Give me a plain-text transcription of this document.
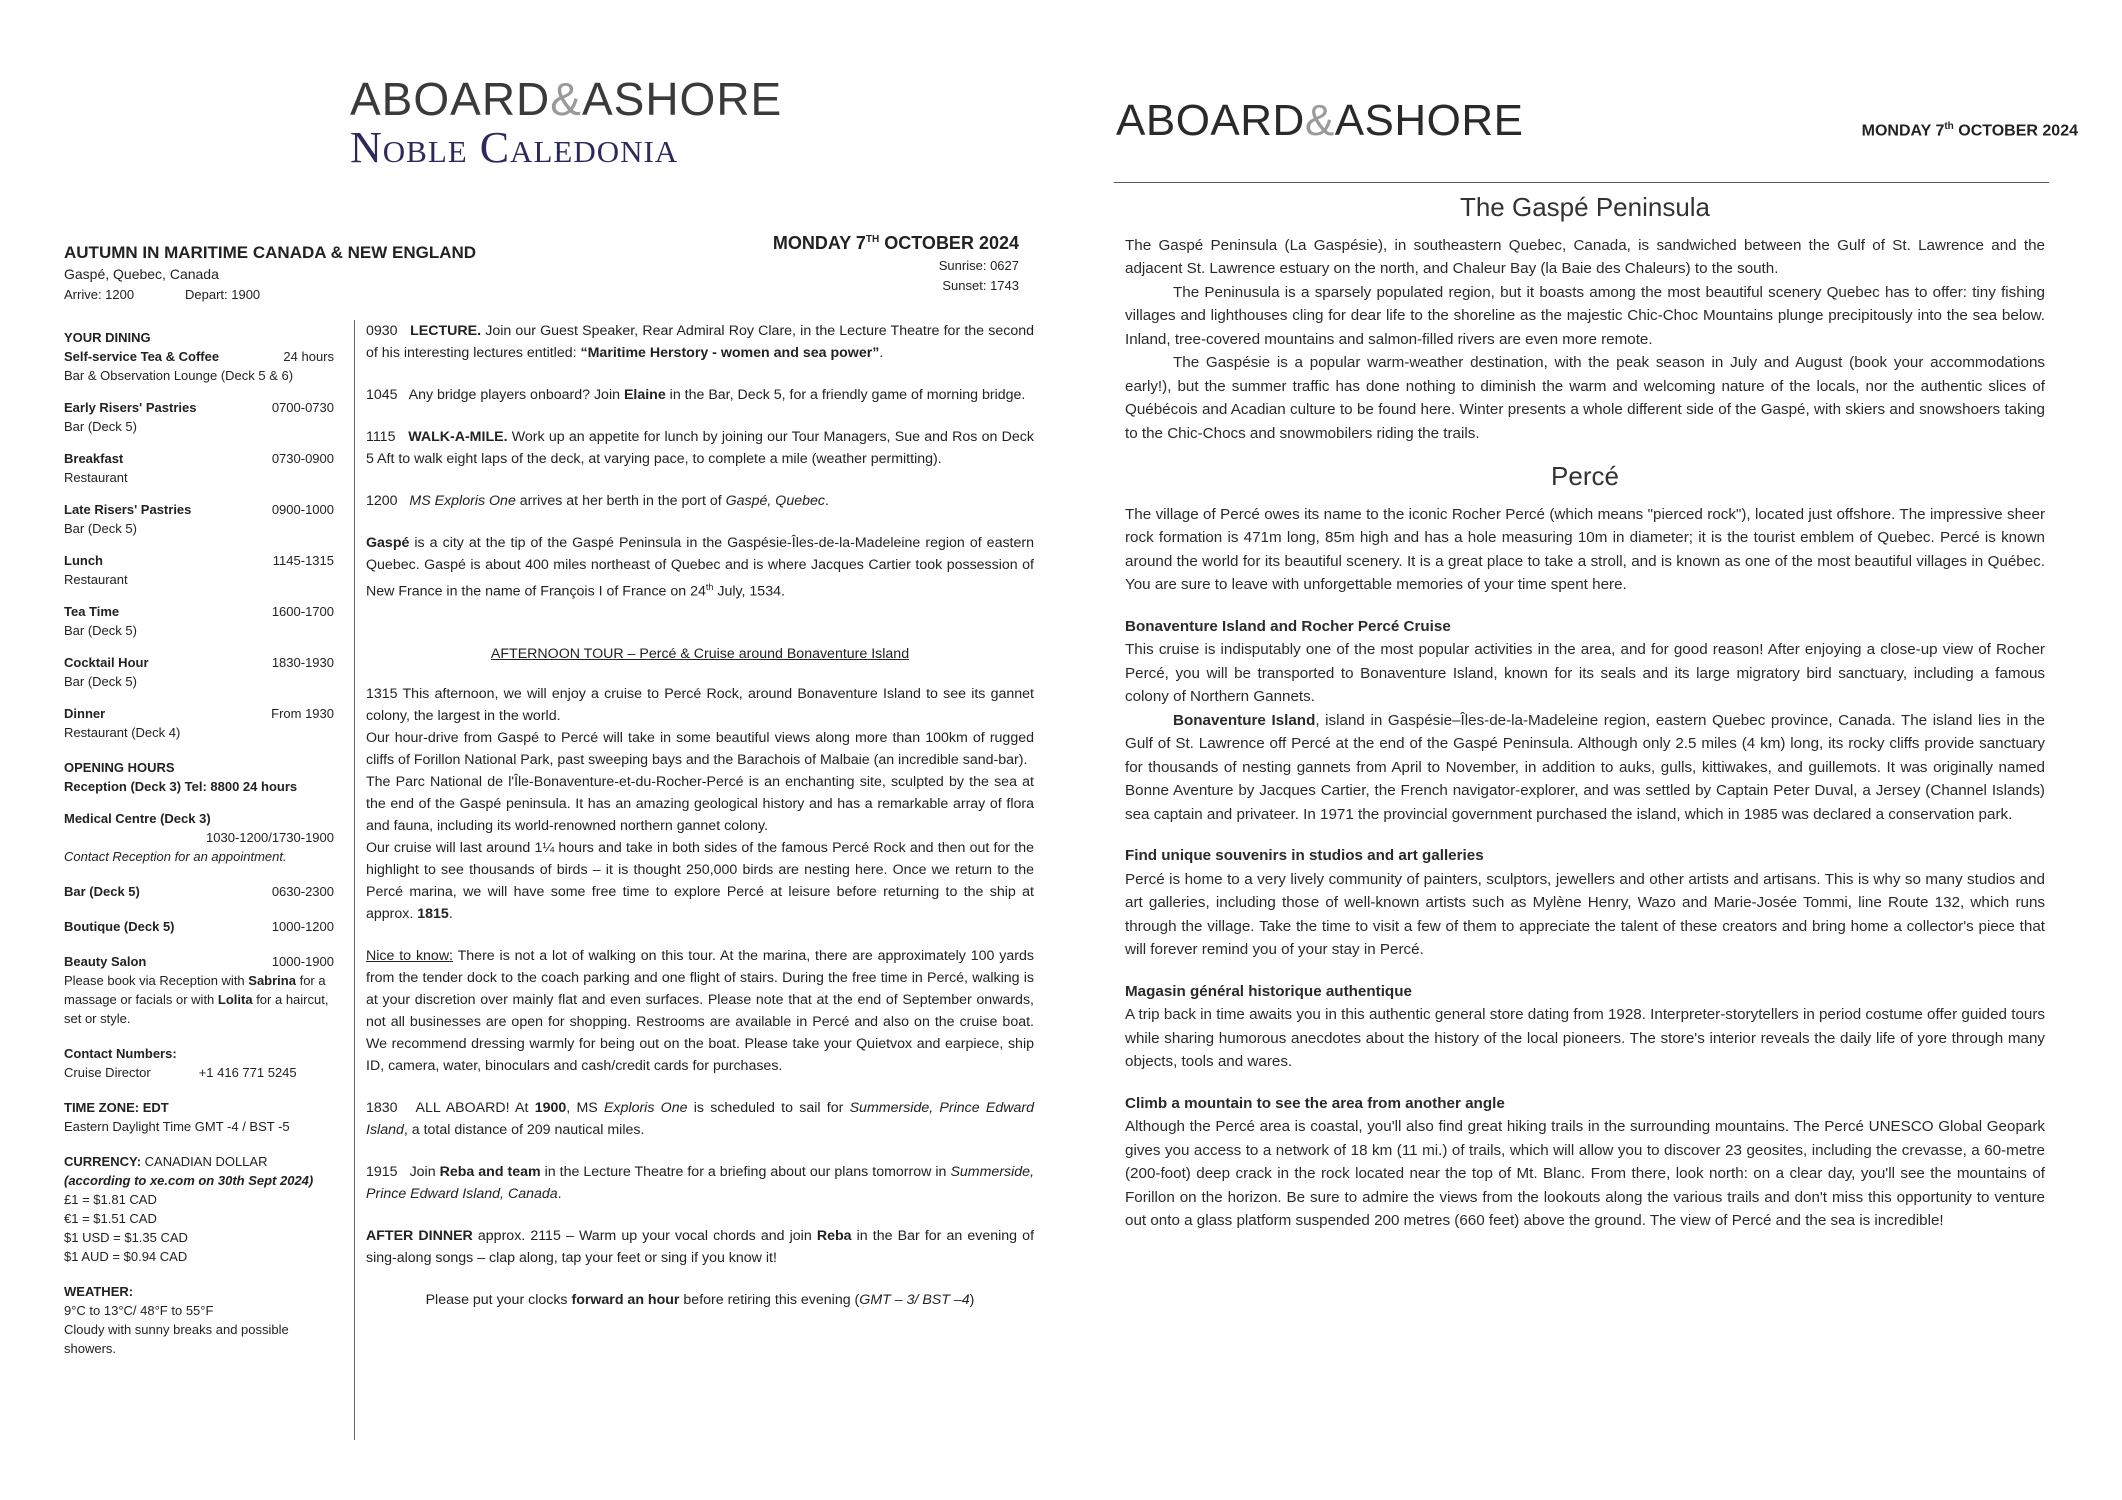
ABOARD&ASHORE
Noble Caledonia
AUTUMN IN MARITIME CANADA & NEW ENGLAND
Gaspé, Quebec, Canada
Arrive: 1200	Depart: 1900
MONDAY 7TH OCTOBER 2024
Sunrise: 0627
Sunset: 1743
YOUR DINING
Self-service Tea & Coffee	24 hours
Bar & Observation Lounge (Deck 5 & 6)
Early Risers' Pastries	0700-0730
Bar (Deck 5)
Breakfast	0730-0900
Restaurant
Late Risers' Pastries	0900-1000
Bar (Deck 5)
Lunch	1145-1315
Restaurant
Tea Time	1600-1700
Bar (Deck 5)
Cocktail Hour	1830-1930
Bar (Deck 5)
Dinner	From 1930
Restaurant (Deck 4)
OPENING HOURS
Reception (Deck 3) Tel: 8800 24 hours
Medical Centre (Deck 3)
1030-1200/1730-1900
Contact Reception for an appointment.
Bar (Deck 5)	0630-2300
Boutique (Deck 5)	1000-1200
Beauty Salon	1000-1900
Please book via Reception with Sabrina for a massage or facials or with Lolita for a haircut, set or style.
Contact Numbers:
Cruise Director	+1 416 771 5245
TIME ZONE: EDT
Eastern Daylight Time GMT -4 / BST -5
CURRENCY: CANADIAN DOLLAR
(according to xe.com on 30th Sept 2024)
£1 = $1.81 CAD
€1 = $1.51 CAD
$1 USD = $1.35 CAD
$1 AUD = $0.94 CAD
WEATHER:
9°C to 13°C/ 48°F to 55°F
Cloudy with sunny breaks and possible showers.

0930 LECTURE. Join our Guest Speaker, Rear Admiral Roy Clare, in the Lecture Theatre for the second of his interesting lectures entitled: “Maritime Herstory - women and sea power”.

1045 Any bridge players onboard? Join Elaine in the Bar, Deck 5, for a friendly game of morning bridge.

1115 WALK-A-MILE. Work up an appetite for lunch by joining our Tour Managers, Sue and Ros on Deck 5 Aft to walk eight laps of the deck, at varying pace, to complete a mile (weather permitting).

1200 MS Exploris One arrives at her berth in the port of Gaspé, Quebec.

Gaspé is a city at the tip of the Gaspé Peninsula in the Gaspésie-Îles-de-la-Madeleine region of eastern Quebec. Gaspé is about 400 miles northeast of Quebec and is where Jacques Cartier took possession of New France in the name of François I of France on 24th July, 1534.

AFTERNOON TOUR – Percé & Cruise around Bonaventure Island

1315 This afternoon, we will enjoy a cruise to Percé Rock, around Bonaventure Island to see its gannet colony, the largest in the world.

Our hour-drive from Gaspé to Percé will take in some beautiful views along more than 100km of rugged cliffs of Forillon National Park, past sweeping bays and the Barachois of Malbaie (an incredible sand-bar).

The Parc National de l'Île-Bonaventure-et-du-Rocher-Percé is an enchanting site, sculpted by the sea at the end of the Gaspé peninsula. It has an amazing geological history and has a remarkable array of flora and fauna, including its world-renowned northern gannet colony.

Our cruise will last around 1¼ hours and take in both sides of the famous Percé Rock and then out for the highlight to see thousands of birds – it is thought 250,000 birds are nesting here. Once we return to the Percé marina, we will have some free time to explore Percé at leisure before returning to the ship at approx. 1815.

Nice to know: There is not a lot of walking on this tour. At the marina, there are approximately 100 yards from the tender dock to the coach parking and one flight of stairs. During the free time in Percé, walking is at your discretion over mainly flat and even surfaces. Please note that at the end of September onwards, not all businesses are open for shopping. Restrooms are available in Percé and also on the cruise boat. We recommend dressing warmly for being out on the boat. Please take your Quietvox and earpiece, ship ID, camera, water, binoculars and cash/credit cards for purchases.

1830 ALL ABOARD! At 1900, MS Exploris One is scheduled to sail for Summerside, Prince Edward Island, a total distance of 209 nautical miles.

1915 Join Reba and team in the Lecture Theatre for a briefing about our plans tomorrow in Summerside, Prince Edward Island, Canada.

AFTER DINNER approx. 2115 – Warm up your vocal chords and join Reba in the Bar for an evening of sing-along songs – clap along, tap your feet or sing if you know it!

Please put your clocks forward an hour before retiring this evening (GMT – 3/ BST –4)

ABOARD&ASHORE	MONDAY 7th OCTOBER 2024
The Gaspé Peninsula

The Gaspé Peninsula (La Gaspésie), in southeastern Quebec, Canada, is sandwiched between the Gulf of St. Lawrence and the adjacent St. Lawrence estuary on the north, and Chaleur Bay (la Baie des Chaleurs) to the south.

The Peninusula is a sparsely populated region, but it boasts among the most beautiful scenery Quebec has to offer: tiny fishing villages and lighthouses cling for dear life to the shoreline as the majestic Chic-Choc Mountains plunge precipitously into the sea below. Inland, tree-covered mountains and salmon-filled rivers are even more remote.

The Gaspésie is a popular warm-weather destination, with the peak season in July and August (book your accommodations early!), but the summer traffic has done nothing to diminish the warm and welcoming nature of the locals, nor the authentic slices of Québécois and Acadian culture to be found here. Winter presents a whole different side of the Gaspé, with skiers and snowshoers taking to the Chic-Chocs and snowmobilers riding the trails.

Percé

The village of Percé owes its name to the iconic Rocher Percé (which means "pierced rock"), located just offshore. The impressive sheer rock formation is 471m long, 85m high and has a hole measuring 10m in diameter; it is the tourist emblem of Quebec. Percé is known around the world for its beautiful scenery. It is a great place to take a stroll, and is known as one of the most beautiful villages in Québec. You are sure to leave with unforgettable memories of your time spent here.

Bonaventure Island and Rocher Percé Cruise

This cruise is indisputably one of the most popular activities in the area, and for good reason! After enjoying a close-up view of Rocher Percé, you will be transported to Bonaventure Island, known for its seals and its large migratory bird sanctuary, including a famous colony of Northern Gannets.

Bonaventure Island, island in Gaspésie–Îles-de-la-Madeleine region, eastern Quebec province, Canada. The island lies in the Gulf of St. Lawrence off Percé at the end of the Gaspé Peninsula. Although only 2.5 miles (4 km) long, its rocky cliffs provide sanctuary for thousands of nesting gannets from April to November, in addition to auks, gulls, kittiwakes, and guillemots. It was originally named Bonne Aventure by Jacques Cartier, the French navigator-explorer, and was settled by Captain Peter Duval, a Jersey (Channel Islands) sea captain and privateer. In 1971 the provincial government purchased the island, which in 1985 was declared a conservation park.

Find unique souvenirs in studios and art galleries

Percé is home to a very lively community of painters, sculptors, jewellers and other artists and artisans. This is why so many studios and art galleries, including those of well-known artists such as Mylène Henry, Wazo and Marie-Josée Tommi, line Route 132, which runs through the village. Take the time to visit a few of them to appreciate the talent of these creators and bring home a collector's piece that will forever remind you of your stay in Percé.

Magasin général historique authentique

A trip back in time awaits you in this authentic general store dating from 1928. Interpreter-storytellers in period costume offer guided tours while sharing humorous anecdotes about the history of the local pioneers. The store's interior reveals the daily life of yore through many objects, tools and wares.

Climb a mountain to see the area from another angle

Although the Percé area is coastal, you'll also find great hiking trails in the surrounding mountains. The Percé UNESCO Global Geopark gives you access to a network of 18 km (11 mi.) of trails, which will allow you to discover 23 geosites, including the crevasse, a 60-metre (200-foot) deep crack in the rock located near the top of Mt. Blanc. From there, look north: on a clear day, you'll see the mountains of Forillon on the horizon. Be sure to admire the views from the lookouts along the various trails and don't miss this opportunity to venture out onto a glass platform suspended 200 metres (660 feet) above the ground. The view of Percé and the sea is incredible!
